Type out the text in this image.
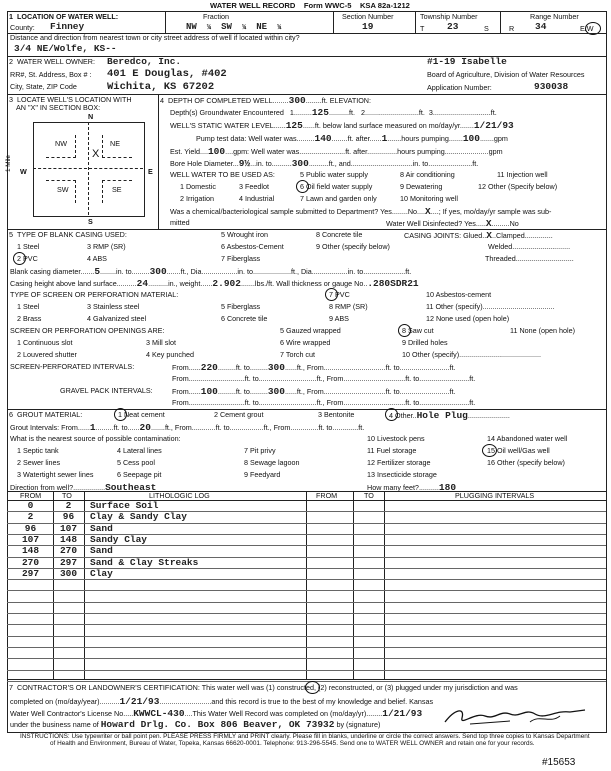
WATER WELL RECORD Form WWC-5 KSA 82a-1212
1 LOCATION OF WATER WELL:	Fraction	Section Number	Township Number	Range Number
County: Finney	NW ¼ SW ¼ NE ¼	19	T 23	S	R 34	E/W
Distance and direction from nearest town or city street address of well if located within city?
3/4 NE/Wolfe, KS--
2 WATER WELL OWNER: Beredco, Inc.	#1-19 Isabelle
RR#, St. Address, Box # : 401 E Douglas, #402	Board of Agriculture, Division of Water Resources
City, State, ZIP Code	Wichita, KS 67202	Application Number:	930038
3 LOCATE WELL'S LOCATION WITH
AN "X" IN SECTION BOX:
N
S
W	E
1 Mile
NW	NE
SW	SE
X
4 DEPTH OF COMPLETED WELL........300........ft. ELEVATION:
Depth(s) Groundwater Encountered 1.........125..........ft. 2...........................ft. 3.............................ft.
WELL'S STATIC WATER LEVEL......125......ft. below land surface measured on mo/day/yr.......1/21/93
Pump test data: Well water was.........140........ft. after......1.......hours pumping.......100.......gpm
Est. Yield....100....gpm: Well water was.......................ft. after...............hours pumping......................gpm
Bore Hole Diameter...9½...in. to..........300..........ft., and...............................in. to......................ft.
WELL WATER TO BE USED AS:	5 Public water supply	8 Air conditioning	11 Injection well
1 Domestic	3 Feedlot	6 Oil field water supply	9 Dewatering	12 Other (Specify below)
2 Irrigation	4 Industrial	7 Lawn and garden only	10 Monitoring well
Was a chemical/bacteriological sample submitted to Department? Yes........No....X....; If yes, mo/day/yr sample was sub-
mitted	Water Well Disinfected? Yes.....X.........No
5 TYPE OF BLANK CASING USED:	5 Wrought iron	8 Concrete tile	CASING JOINTS: Glued..X..Clamped..............
1 Steel	3 RMP (SR)	6 Asbestos-Cement	9 Other (specify below)	Welded.............................
2 PVC	4 ABS	7 Fiberglass	Threaded.............................
Blank casing diameter.......5........in. to.........300.......ft., Dia..................in. to...................ft., Dia..................in. to.....................ft.
Casing height above land surface..........24..........in., weight......2.902.......lbs./ft. Wall thickness or gauge No...280SDR21
TYPE OF SCREEN OR PERFORATION MATERIAL:	7 PVC	10 Asbestos-cement
1 Steel	3 Stainless steel	5 Fiberglass	8 RMP (SR)	11 Other (specify)....................................
2 Brass	4 Galvanized steel	6 Concrete tile	9 ABS	12 None used (open hole)
SCREEN OR PERFORATION OPENINGS ARE:	5 Gauzed wrapped	8 Saw cut	11 None (open hole)
1 Continuous slot	3 Mill slot	6 Wire wrapped	9 Drilled holes
2 Louvered shutter	4 Key punched	7 Torch cut	10 Other (specify).........................................
SCREEN-PERFORATED INTERVALS:	From......220.........ft. to.........300......ft., From...............................ft. to.........................ft.
From............................ft. to.............................ft., From...............................ft. to.........................ft.
GRAVEL PACK INTERVALS:	From......100.........ft. to.........300......ft., From...............................ft. to.........................ft.
From............................ft. to.............................ft., From...............................ft. to.........................ft.
6 GROUT MATERIAL:	1 Neat cement	2 Cement grout	3 Bentonite	4 Other..Hole Plug.....................
Grout Intervals: From......1.........ft. to......20.......ft., From............ft. to.................ft., From..............ft. to.............ft.
What is the nearest source of possible contamination:	10 Livestock pens	14 Abandoned water well
1 Septic tank	4 Lateral lines	7 Pit privy	11 Fuel storage	15 Oil well/Gas well
2 Sewer lines	5 Cess pool	8 Sewage lagoon	12 Fertilizer storage	16 Other (specify below)
3 Watertight sewer lines	6 Seepage pit	9 Feedyard	13 Insecticide storage
Direction from well?................Southeast	How many feet?..........180
FROM	TO	LITHOLOGIC LOG	FROM	TO	PLUGGING INTERVALS
0	2	Surface Soil
2	96	Clay & Sandy Clay
96	107	Sand
107	148	Sandy Clay
148	270	Sand
270	297	Sand & Clay Streaks
297	300	Clay
7 CONTRACTOR'S OR LANDOWNER'S CERTIFICATION: This water well was (1) constructed, (2) reconstructed, or (3) plugged under my jurisdiction and was
completed on (mo/day/year)..........1/21/93..........................and this record is true to the best of my knowledge and belief. Kansas
Water Well Contractor's License No.....KWWCL-430....This Water Well Record was completed on (mo/day/yr)........1/21/93
under the business name of Howard Drlg. Co. Box 806 Beaver, OK 73932 by (signature)
INSTRUCTIONS: Use typewriter or ball point pen. PLEASE PRESS FIRMLY and PRINT clearly. Please fill in blanks, underline or circle the correct answers. Send top three copies to Kansas Department
of Health and Environment, Bureau of Water, Topeka, Kansas 66620-0001. Telephone: 913-296-5545. Send one to WATER WELL OWNER and retain one for your records.
#15653
